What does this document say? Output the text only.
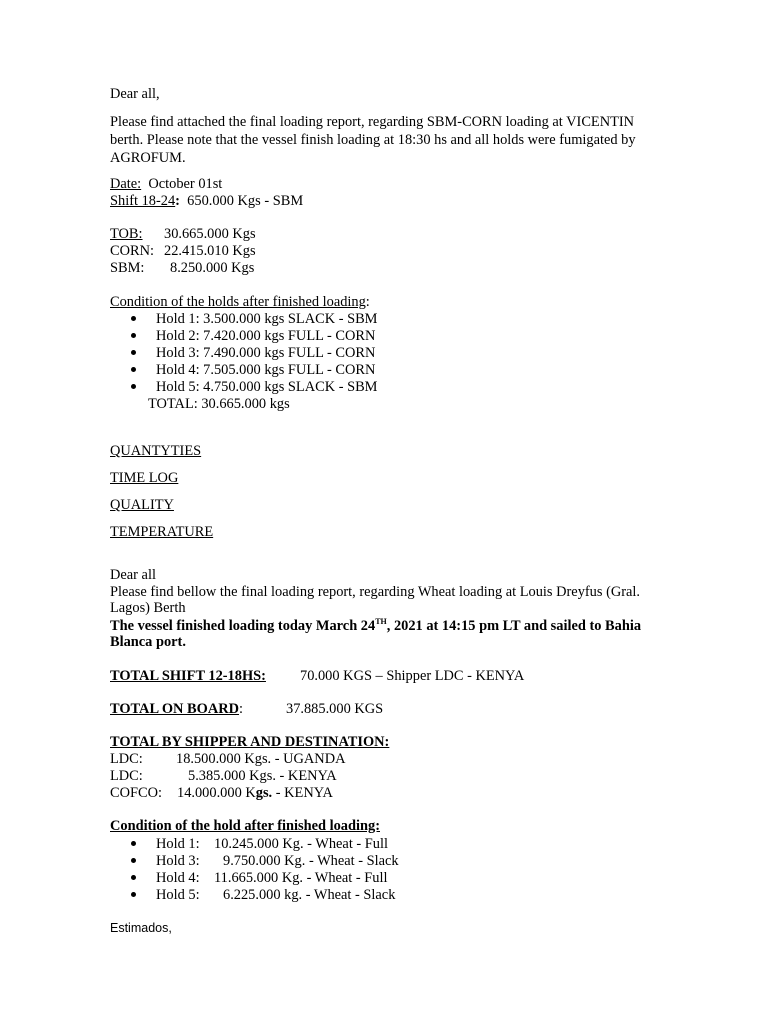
Dear all,
Please find attached the final loading report, regarding SBM-CORN loading at VICENTIN
berth. Please note that the vessel finish loading at 18:30 hs and all holds were fumigated by
AGROFUM.
Date: October 01st
Shift 18-24: 650.000 Kgs - SBM
TOB: 30.665.000 Kgs
CORN: 22.415.010 Kgs
SBM: 8.250.000 Kgs
Condition of the holds after finished loading:
Hold 1: 3.500.000 kgs SLACK - SBM
Hold 2: 7.420.000 kgs FULL - CORN
Hold 3: 7.490.000 kgs FULL - CORN
Hold 4: 7.505.000 kgs FULL - CORN
Hold 5: 4.750.000 kgs SLACK - SBM
TOTAL: 30.665.000 kgs
QUANTYTIES
TIME LOG
QUALITY
TEMPERATURE
Dear all
Please find bellow the final loading report, regarding Wheat loading at Louis Dreyfus (Gral.
Lagos) Berth
The vessel finished loading today March 24TH, 2021 at 14:15 pm LT and sailed to Bahia
Blanca port.
TOTAL SHIFT 12-18HS: 70.000 KGS – Shipper LDC - KENYA
TOTAL ON BOARD:	37.885.000 KGS
TOTAL BY SHIPPER AND DESTINATION:
LDC: 18.500.000 Kgs. - UGANDA
LDC:	5.385.000 Kgs. - KENYA
COFCO: 14.000.000 Kgs. - KENYA
Condition of the hold after finished loading:
Hold 1: 10.245.000 Kg. - Wheat - Full
Hold 3: 9.750.000 Kg. - Wheat - Slack
Hold 4: 11.665.000 Kg. - Wheat - Full
Hold 5: 6.225.000 kg. - Wheat - Slack
Estimados,
